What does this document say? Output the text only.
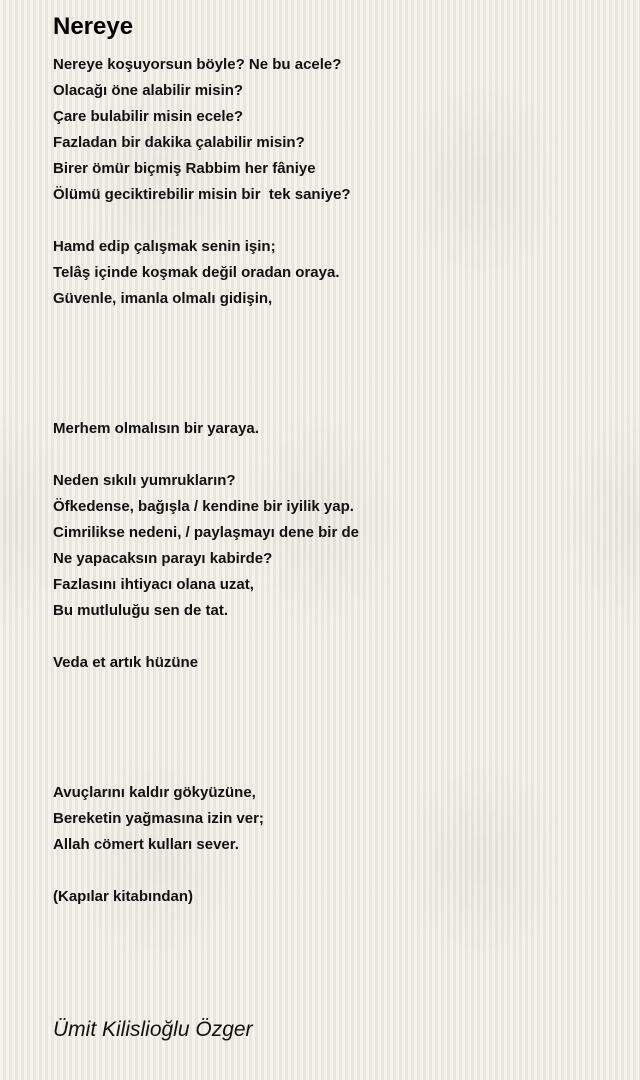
Nereye
Nereye koşuyorsun böyle? Ne bu acele?
Olacağı öne alabilir misin?
Çare bulabilir misin ecele?
Fazladan bir dakika çalabilir misin?
Birer ömür biçmiş Rabbim her fâniye
Ölümü geciktirebilir misin bir  tek saniye?
Hamd edip çalışmak senin işin;
Telâş içinde koşmak değil oradan oraya.
Güvenle, imanla olmalı gidişin,
Merhem olmalısın bir yaraya.
Neden sıkılı yumrukların?
Öfkedense, bağışla / kendine bir iyilik yap.
Cimrilikse nedeni, / paylaşmayı dene bir de
Ne yapacaksın parayı kabirde?
Fazlasını ihtiyacı olana uzat,
Bu mutluluğu sen de tat.
Veda et artık hüzüne
Avuçlarını kaldır gökyüzüne,
Bereketin yağmasına izin ver;
Allah cömert kulları sever.
(Kapılar kitabından)
Ümit Kilislioğlu Özger
